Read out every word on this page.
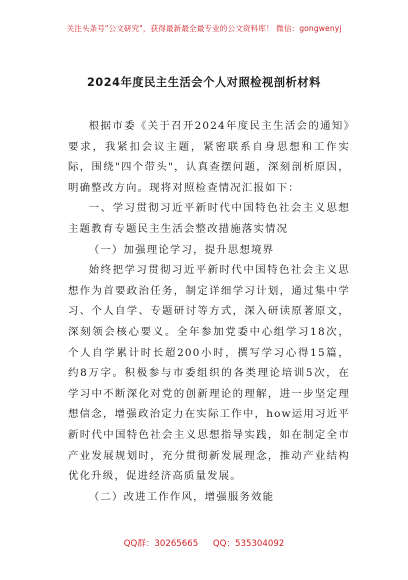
关注头条号"公文研究"，获得最新最全最专业的公文资料库！ 微信：gongwenyj
2024年度民主生活会个人对照检视剖析材料

根据市委《关于召开2024年度民主生活会的通知》要求，我紧扣会议主题，紧密联系自身思想和工作实际，围绕"四个带头"，认真查摆问题，深刻剖析原因，明确整改方向。现将对照检查情况汇报如下：

一、学习贯彻习近平新时代中国特色社会主义思想主题教育专题民主生活会整改措施落实情况

（一）加强理论学习，提升思想境界

始终把学习贯彻习近平新时代中国特色社会主义思想作为首要政治任务，制定详细学习计划，通过集中学习、个人自学、专题研讨等方式，深入研读原著原文，深刻领会核心要义。全年参加党委中心组学习18次，个人自学累计时长超200小时，撰写学习心得15篇，约8万字。积极参与市委组织的各类理论培训5次，在学习中不断深化对党的创新理论的理解，进一步坚定理想信念，增强政治定力在实际工作中，how运用习近平新时代中国特色社会主义思想指导实践，如在制定全市产业发展规划时，充分贯彻新发展理念，推动产业结构优化升级，促进经济高质量发展。

（二）改进工作作风，增强服务效能

QQ群：30265665 QQ：535304092
